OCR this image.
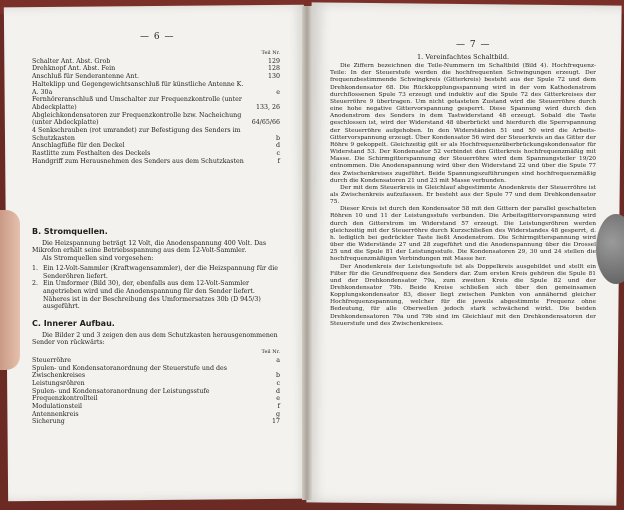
— 6 —
Teil Nr.
Schalter Ant. Abst. Grob	129
Drehknopf Ant. Abst. Fein	128
Anschluß für Senderantenne Ant.	130
Halteklipp und Gegengewichtsanschluß für künstliche Antenne K. A. 30a	e
Fernhöreranschluß und Umschalter zur Frequenzkontrolle (unter Abdeckplatte)	133, 26
Abgleichkondensatoren zur Frequenzkontrolle bzw. Nacheichung (unter Abdeckplatte)	64/65/66
4 Senkschrauben (rot umrandet) zur Befestigung des Senders im Schutzkasten	b
Anschlagfüße für den Deckel	d
Rastlitte zum Festhalten des Deckels	c
Handgriff zum Herausnehmen des Senders aus dem Schutzkasten	f
B. Stromquellen.
Die Heizspannung beträgt 12 Volt, die Anodenspannung 400 Volt. Das Mikrofon erhält seine Betriebsspannung aus dem 12-Volt-Sammler.
Als Stromquellen sind vorgesehen:
1. Ein 12-Volt-Sammler (Kraftwagensammler), der die Heizspannung für die Senderöhren liefert.
2. Ein Umformer (Bild 30), der, ebenfalls aus dem 12-Volt-Sammler angetrieben wird und die Anodenspannung für den Sender liefert. Näheres ist in der Beschreibung des Umformersatzes 30b (D 945/3) ausgeführt.
C. Innerer Aufbau.
Die Bilder 2 und 3 zeigen den aus dem Schutzkasten herausgenommenen Sender von rückwärts:
Teil Nr.
Steuerröhre	a
Spulen- und Kondensatoranordnung der Steuerstufe und des Zwischenkreises	b
Leistungsröhren	c
Spulen- und Kondensatoranordnung der Leistungsstufe	d
Frequenzkontrollteil	e
Modulationsteil	f
Antennenkreis	g
Sicherung	17
— 7 —
1. Vereinfachtes Schaltbild.

Die Ziffern bezeichnen die Teile-Nummern im Schaltbild (Bild 4). Hochfrequenz-Teile: In der Steuerstufe werden die hochfrequenten Schwingungen erzeugt. Der frequenzbestimmende Schwingkreis (Gitterkreis) besteht aus der Spule 72 und dem Drehkondensator 68. Die Rückkopplungsspannung wird in der vom Kathodenstrom durchflossenen Spule 73 erzeugt und induktiv auf die Spule 72 des Gitterkreises der Steuerröhre 9 übertragen. Um nicht getasteten Zustand wird die Steuerröhre durch eine hohe negative Gittervorspannung gesperrt. Diese Spannung wird durch den Anodenstrom des Senders in dem Tastwiderstand 48 erzeugt. Sobald die Taste geschlossen ist, wird der Widerstand 48 überbrückt und hierdurch die Sperrspannung der Steuerröhre aufgehoben. In den Widerständen 51 und 50 wird die Arbeits-Gittervorspannung erzeugt. Über Kondensator 56 wird der Steuerkreis an das Gitter der Röhre 9 gekoppelt. Gleichzeitig gilt er als Hochfrequenzüberbrückungskondensator für Widerstand 53. Der Kondensator 52 verbindet den Gitterkreis hochfrequenzmäßig mit Masse. Die Schirmgitterspannung der Steuerröhre wird dem Spannungsteiler 19/20 entnommen. Die Anodenspannung wird über den Widerstand 22 und über die Spule 77 des Zwischenkreises zugeführt. Beide Spannungszuführungen sind hochfrequenzmäßig durch die Kondensatoren 21 und 23 mit Masse verbunden.

Der mit dem Steuerkreis in Gleichlauf abgestimmte Anodenkreis der Steuerröhre ist als Zwischenkreis aufzufassen. Er besteht aus der Spule 77 und dem Drehkondensator 75.

Dieser Kreis ist durch den Kondensator 58 mit den Gittern der parallel geschalteten Röhren 10 und 11 der Leistungsstufe verbunden. Die Arbeitsgittervorspannung wird durch den Gitterstrom im Widerstand 57 erzeugt. Die Leistungsröhren werden gleichzeitig mit der Steuerröhre durch Kurzschließen des Widerstandes 48 gesperrt, d. h. lediglich bei gedrückter Taste ließt Anodenstrom. Die Schirmgitterspannung wird über die Widerstände 27 und 28 zugeführt und die Anodenspannung über die Drossel 25 und die Spule 81 der Leistungsstufe. Die Kondensatoren 29, 30 und 24 stellen die hochfrequenzmäßigen Verbindungen mit Masse her.

Der Anodenkreis der Leistungsstufe ist als Doppelkreis ausgebildet und stellt ein Filter für die Grundfrequenz des Senders dar. Zum ersten Kreis gehören die Spule 81 und der Drehkondensator 79a, zum zweiten Kreis die Spule 82 und der Drehkondensator 79b. Beide Kreise schließen sich über den gemeinsamen Kopplungskondensator 83, dieser liegt zwischen Punkten von annähernd gleicher Hochfrequenzspannung, welcher für die jeweils abgestimmte Frequenz ohne Bedeutung, für alle Oberwellen jedoch stark schwächend wirkt. Die beiden Drehkondensatoren 79a und 79b sind im Gleichlauf mit den Drehkondensatoren der Steuerstufe und des Zwischenkreises.
